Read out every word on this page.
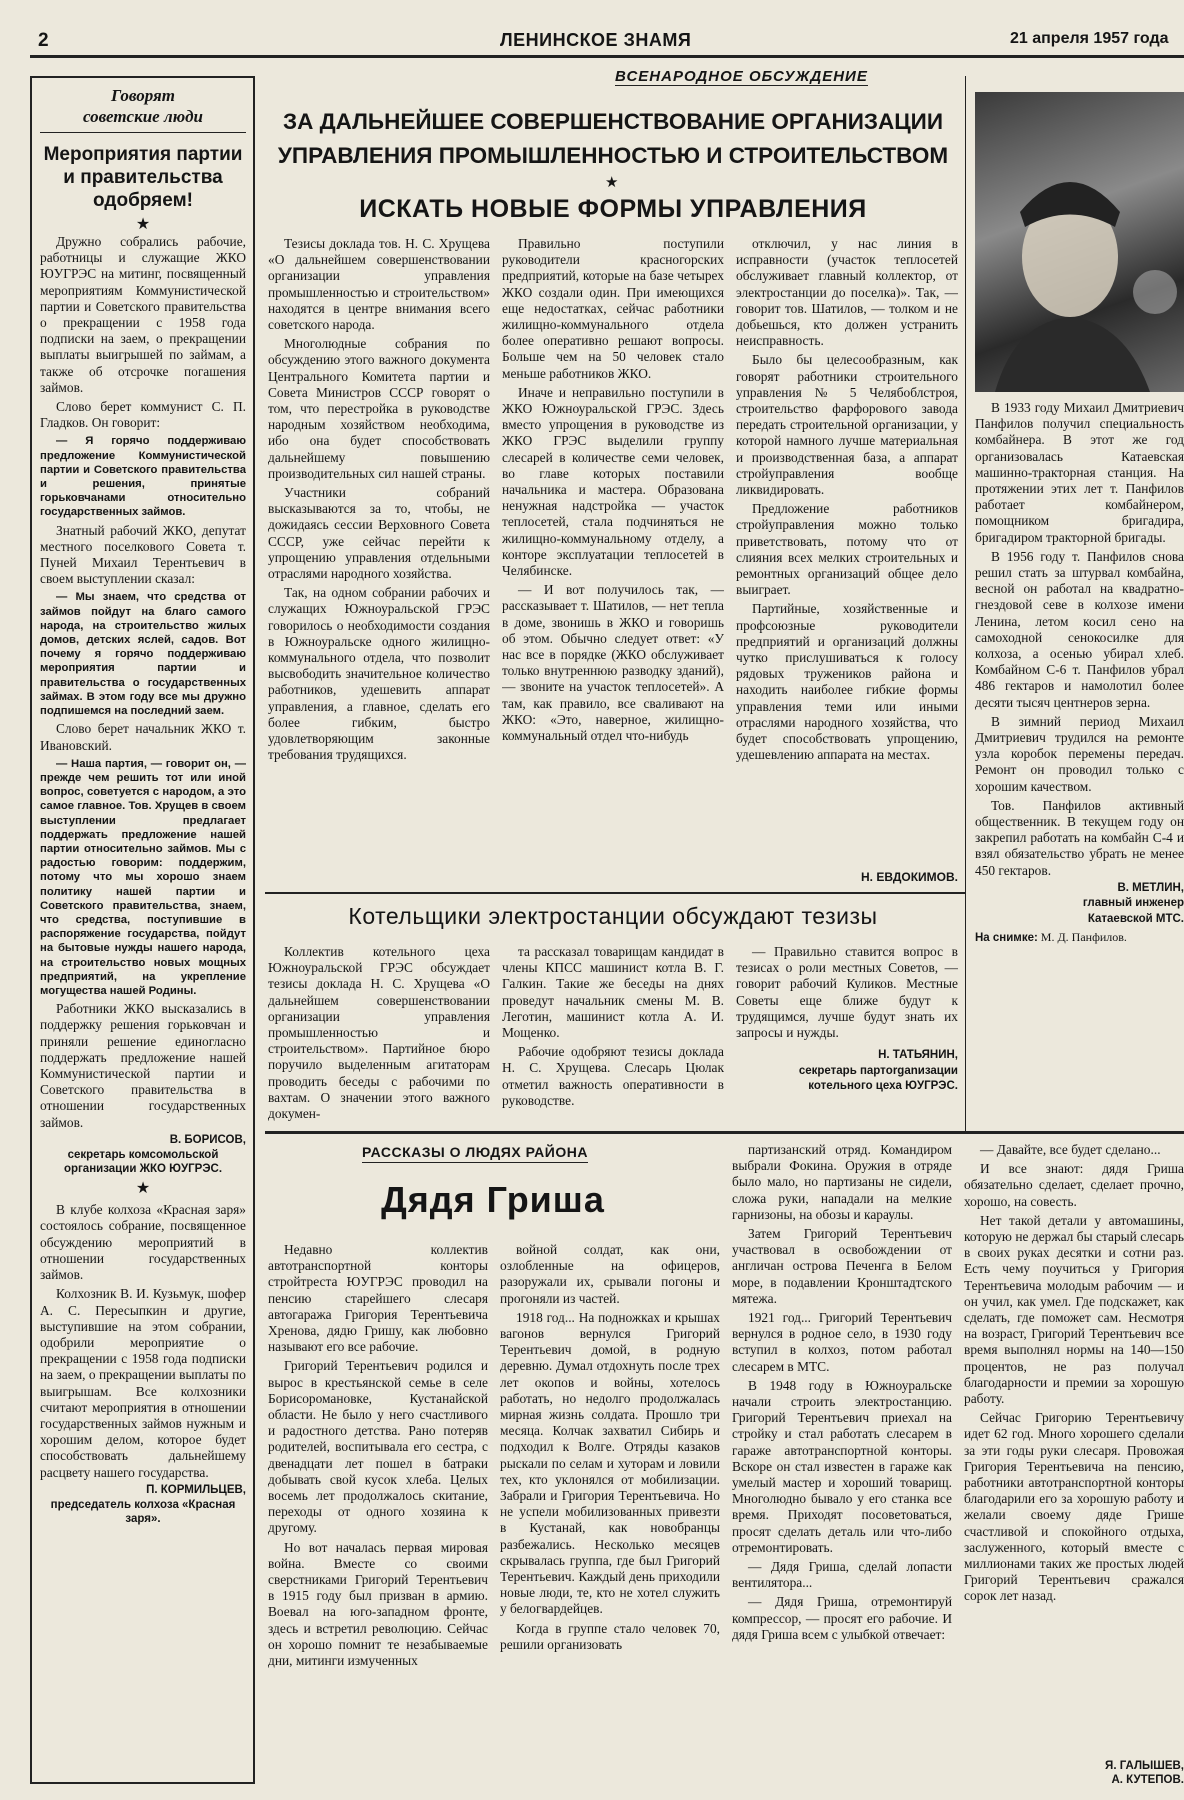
2	ЛЕНИНСКОЕ ЗНАМЯ	21 апреля 1957 года
Говорят
советские люди
Мероприятия партии и правительства одобряем!
★

Дружно собрались рабочие, работницы и служащие ЖКО ЮУГРЭС на митинг, посвященный мероприятиям Коммунистической партии и Советского правительства о прекращении с 1958 года подписки на заем, о прекращении выплаты выигрышей по займам, а также об отсрочке погашения займов.

Слово берет коммунист С. П. Гладков. Он говорит:

— Я горячо поддерживаю предложение Коммунистической партии и Советского правительства и решения, принятые горьковчанами относительно государственных займов.

Знатный рабочий ЖКО, депутат местного поселкового Совета т. Пуней Михаил Терентьевич в своем выступлении сказал:

— Мы знаем, что средства от займов пойдут на благо самого народа, на строительство жилых домов, детских яслей, садов. Вот почему я горячо поддерживаю мероприятия партии и правительства о государственных займах. В этом году все мы дружно подпишемся на последний заем.

Слово берет начальник ЖКО т. Ивановский.

— Наша партия, — говорит он, — прежде чем решить тот или иной вопрос, советуется с народом, а это самое главное. Тов. Хрущев в своем выступлении предлагает поддержать предложение нашей партии относительно займов. Мы с радостью говорим: поддержим, потому что мы хорошо знаем политику нашей партии и Советского правительства, знаем, что средства, поступившие в распоряжение государства, пойдут на бытовые нужды нашего народа, на строительство новых мощных предприятий, на укрепление могущества нашей Родины.

Работники ЖКО высказались в поддержку решения горьковчан и приняли решение единогласно поддержать предложение нашей Коммунистической партии и Советского правительства в отношении государственных займов.

В. БОРИСОВ,
секретарь комсомольской организации ЖКО ЮУГРЭС.
★

В клубе колхоза «Красная заря» состоялось собрание, посвященное обсуждению мероприятий в отношении государственных займов.

Колхозник В. И. Кузьмук, шофер А. С. Пересыпкин и другие, выступившие на этом собрании, одобрили мероприятие о прекращении с 1958 года подписки на заем, о прекращении выплаты по выигрышам. Все колхозники считают мероприятия в отношении государственных займов нужным и хорошим делом, которое будет способствовать дальнейшему расцвету нашего государства.

П. КОРМИЛЬЦЕВ,
председатель колхоза «Красная заря».
ВСЕНАРОДНОЕ ОБСУЖДЕНИЕ
ЗА ДАЛЬНЕЙШЕЕ СОВЕРШЕНСТВОВАНИЕ ОРГАНИЗАЦИИ
УПРАВЛЕНИЯ ПРОМЫШЛЕННОСТЬЮ И СТРОИТЕЛЬСТВОМ
★
ИСКАТЬ НОВЫЕ ФОРМЫ УПРАВЛЕНИЯ

Тезисы доклада тов. Н. С. Хрущева «О дальнейшем совершенствовании организации управления промышленностью и строительством» находятся в центре внимания всего советского народа.

Многолюдные собрания по обсуждению этого важного документа Центрального Комитета партии и Совета Министров СССР говорят о том, что перестройка в руководстве народным хозяйством необходима, ибо она будет способствовать дальнейшему повышению производительных сил нашей страны.

Участники собраний высказываются за то, чтобы, не дожидаясь сессии Верховного Совета СССР, уже сейчас перейти к упрощению управления отдельными отраслями народного хозяйства.

Так, на одном собрании рабочих и служащих Южноуральской ГРЭС говорилось о необходимости создания в Южноуральске одного жилищно-коммунального отдела, что позволит высвободить значительное количество работников, удешевить аппарат управления, а главное, сделать его более гибким, быстро удовлетворяющим законные требования трудящихся.

Правильно поступили руководители красногорских предприятий, которые на базе четырех ЖКО создали один. При имеющихся еще недостатках, сейчас работники жилищно-коммунального отдела более оперативно решают вопросы. Больше чем на 50 человек стало меньше работников ЖКО.

Иначе и неправильно поступили в ЖКО Южноуральской ГРЭС. Здесь вместо упрощения в руководстве из ЖКО ГРЭС выделили группу слесарей в количестве семи человек, во главе которых поставили начальника и мастера. Образована ненужная надстройка — участок теплосетей, стала подчиняться не жилищно-коммунальному отделу, а конторе эксплуатации теплосетей в Челябинске.

— И вот получилось так, — рассказывает т. Шатилов, — нет тепла в доме, звонишь в ЖКО и говоришь об этом. Обычно следует ответ: «У нас все в порядке (ЖКО обслуживает только внутреннюю разводку зданий), — звоните на участок теплосетей». А там, как правило, все сваливают на ЖКО: «Это, наверное, жилищно-коммунальный отдел что-нибудь

отключил, у нас линия в исправности (участок теплосетей обслуживает главный коллектор, от электростанции до поселка)». Так, — говорит тов. Шатилов, — толком и не добьешься, кто должен устранить неисправность.

Было бы целесообразным, как говорят работники строительного управления № 5 Челябоблстроя, строительство фарфорового завода передать строительной организации, у которой намного лучше материальная и производственная база, а аппарат стройуправления вообще ликвидировать.

Предложение работников стройуправления можно только приветствовать, потому что от слияния всех мелких строительных и ремонтных организаций общее дело выиграет.

Партийные, хозяйственные и профсоюзные руководители предприятий и организаций должны чутко прислушиваться к голосу рядовых тружеников района и находить наиболее гибкие формы управления теми или иными отраслями народного хозяйства, что будет способствовать упрощению, удешевлению аппарата на местах.

Н. ЕВДОКИМОВ.
Котельщики электростанции обсуждают тезизы

Коллектив котельного цеха Южноуральской ГРЭС обсуждает тезисы доклада Н. С. Хрущева «О дальнейшем совершенствовании организации управления промышленностью и строительством». Партийное бюро поручило выделенным агитаторам проводить беседы с рабочими по вахтам. О значении этого важного докумен-

та рассказал товарищам кандидат в члены КПСС машинист котла В. Г. Галкин. Такие же беседы на днях проведут начальник смены М. В. Леготин, машинист котла А. И. Мощенко.

Рабочие одобряют тезисы доклада Н. С. Хрущева. Слесарь Цюлак отметил важность оперативности в руководстве.

— Правильно ставится вопрос в тезисах о роли местных Советов, — говорит рабочий Куликов. Местные Советы еще ближе будут к трудящимся, лучше будут знать их запросы и нужды.

Н. ТАТЬЯНИН,
секретарь партorganизации
котельного цеха ЮУГРЭС.

В 1933 году Михаил Дмитриевич Панфилов получил специальность комбайнера. В этот же год организовалась Катаевская машинно-тракторная станция. На протяжении этих лет т. Панфилов работает комбайнером, помощником бригадира, бригадиром тракторной бригады.

В 1956 году т. Панфилов снова решил стать за штурвал комбайна, весной он работал на квадратно-гнездовой севе в колхозе имени Ленина, летом косил сено на самоходной сенокосилке для колхоза, а осенью убирал хлеб. Комбайном С-6 т. Панфилов убрал 486 гектаров и намолотил более десяти тысяч центнеров зерна.

В зимний период Михаил Дмитриевич трудился на ремонте узла коробок перемены передач. Ремонт он проводил только с хорошим качеством.

Тов. Панфилов активный общественник. В текущем году он закрепил работать на комбайн С-4 и взял обязательство убрать не менее 450 гектаров.

В. МЕТЛИН,
главный инженер
Катаевской МТС.
На снимке: М. Д. Панфилов.
РАССКАЗЫ О ЛЮДЯХ РАЙОНА
Дядя Гриша

Недавно коллектив автотранспортной конторы стройтреста ЮУГРЭС проводил на пенсию старейшего слесаря автогаража Григория Терентьевича Хренова, дядю Гришу, как любовно называют его все рабочие.

Григорий Терентьевич родился и вырос в крестьянской семье в селе Борисоромановке, Кустанайской области. Не было у него счастливого и радостного детства. Рано потеряв родителей, воспитывала его сестра, с двенадцати лет пошел в батраки добывать свой кусок хлеба. Целых восемь лет продолжалось скитание, переходы от одного хозяина к другому.

Но вот началась первая мировая война. Вместе со своими сверстниками Григорий Терентьевич в 1915 году был призван в армию. Воевал на юго-западном фронте, здесь и встретил революцию. Сейчас он хорошо помнит те незабываемые дни, митинги измученных

войной солдат, как они, озлобленные на офицеров, разоружали их, срывали погоны и прогоняли из частей.

1918 год... На подножках и крышах вагонов вернулся Григорий Терентьевич домой, в родную деревню. Думал отдохнуть после трех лет окопов и войны, хотелось работать, но недолго продолжалась мирная жизнь солдата. Прошло три месяца. Колчак захватил Сибирь и подходил к Волге. Отряды казаков рыскали по селам и хуторам и ловили тех, кто уклонялся от мобилизации. Забрали и Григория Терентьевича. Но не успели мобилизованных привезти в Кустанай, как новобранцы разбежались. Несколько месяцев скрывалась группа, где был Григорий Терентьевич. Каждый день приходили новые люди, те, кто не хотел служить у белогвардейцев.

Когда в группе стало человек 70, решили организовать

партизанский отряд. Командиром выбрали Фокина. Оружия в отряде было мало, но партизаны не сидели, сложа руки, нападали на мелкие гарнизоны, на обозы и караулы.

Затем Григорий Терентьевич участвовал в освобождении от англичан острова Печенга в Белом море, в подавлении Кронштадтского мятежа.

1921 год... Григорий Терентьевич вернулся в родное село, в 1930 году вступил в колхоз, потом работал слесарем в МТС.

В 1948 году в Южноуральске начали строить электростанцию. Григорий Терентьевич приехал на стройку и стал работать слесарем в гараже автотранспортной конторы. Вскоре он стал известен в гараже как умелый мастер и хороший товарищ. Многолюдно бывало у его станка все время. Приходят посоветоваться, просят сделать деталь или что-либо отремонтировать.

— Дядя Гриша, сделай лопасти вентилятора...

— Дядя Гриша, отремонтируй компрессор, — просят его рабочие. И дядя Гриша всем с улыбкой отвечает:

— Давайте, все будет сделано...

И все знают: дядя Гриша обязательно сделает, сделает прочно, хорошо, на совесть.

Нет такой детали у автомашины, которую не держал бы старый слесарь в своих руках десятки и сотни раз. Есть чему поучиться у Григория Терентьевича молодым рабочим — и он учил, как умел. Где подскажет, как сделать, где поможет сам. Несмотря на возраст, Григорий Терентьевич все время выполнял нормы на 140—150 процентов, не раз получал благодарности и премии за хорошую работу.

Сейчас Григорию Терентьевичу идет 62 год. Много хорошего сделали за эти годы руки слесаря. Провожая Григория Терентьевича на пенсию, работники автотранспортной конторы благодарили его за хорошую работу и желали своему дяде Грише счастливой и спокойного отдыха, заслуженного, который вместе с миллионами таких же простых людей Григорий Терентьевич сражался сорок лет назад.

Я. ГАЛЫШЕВ,
А. КУТЕПОВ.
